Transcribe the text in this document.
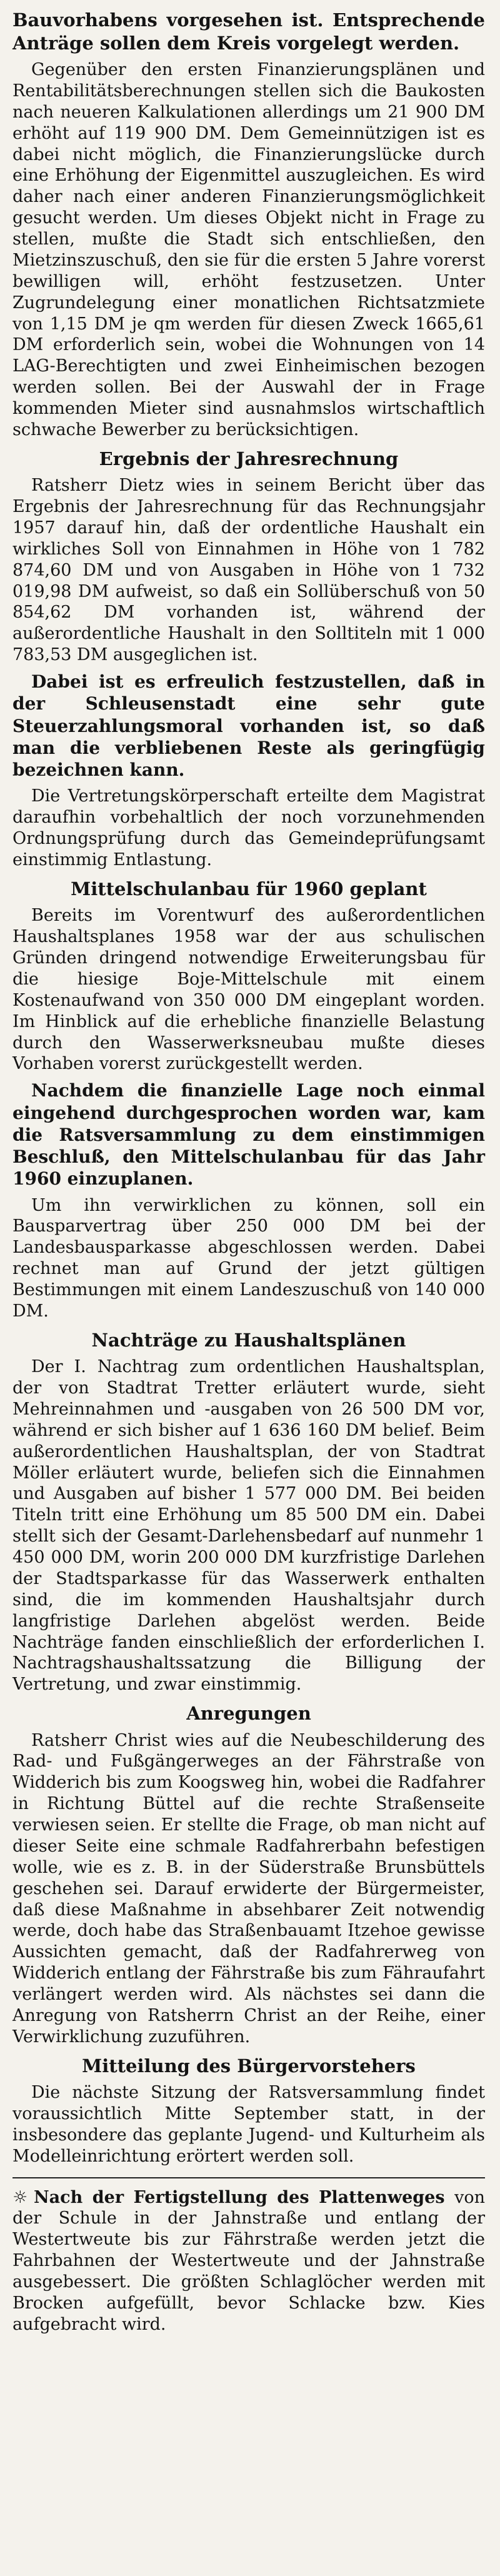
Bauvorhabens vorgesehen ist. Entsprechende Anträge sollen dem Kreis vorgelegt werden.

Gegenüber den ersten Finanzierungsplänen und Rentabilitätsberechnungen stellen sich die Baukosten nach neueren Kalkulationen allerdings um 21 900 DM erhöht auf 119 900 DM. Dem Gemeinnützigen ist es dabei nicht möglich, die Finanzierungslücke durch eine Erhöhung der Eigenmittel auszugleichen. Es wird daher nach einer anderen Finanzierungsmöglichkeit gesucht werden. Um dieses Objekt nicht in Frage zu stellen, mußte die Stadt sich entschließen, den Mietzinszuschuß, den sie für die ersten 5 Jahre vorerst bewilligen will, erhöht festzusetzen. Unter Zugrundelegung einer monatlichen Richtsatzmiete von 1,15 DM je qm werden für diesen Zweck 1665,61 DM erforderlich sein, wobei die Wohnungen von 14 LAG-Berechtigten und zwei Einheimischen bezogen werden sollen. Bei der Auswahl der in Frage kommenden Mieter sind ausnahmslos wirtschaftlich schwache Bewerber zu berücksichtigen.

Ergebnis der Jahresrechnung

Ratsherr Dietz wies in seinem Bericht über das Ergebnis der Jahresrechnung für das Rechnungsjahr 1957 darauf hin, daß der ordentliche Haushalt ein wirkliches Soll von Einnahmen in Höhe von 1 782 874,60 DM und von Ausgaben in Höhe von 1 732 019,98 DM aufweist, so daß ein Sollüberschuß von 50 854,62 DM vorhanden ist, während der außerordentliche Haushalt in den Solltiteln mit 1 000 783,53 DM ausgeglichen ist.

Dabei ist es erfreulich festzustellen, daß in der Schleusenstadt eine sehr gute Steuerzahlungsmoral vorhanden ist, so daß man die verbliebenen Reste als geringfügig bezeichnen kann.

Die Vertretungskörperschaft erteilte dem Magistrat daraufhin vorbehaltlich der noch vorzunehmenden Ordnungsprüfung durch das Gemeindeprüfungsamt einstimmig Entlastung.

Mittelschulanbau für 1960 geplant

Bereits im Vorentwurf des außerordentlichen Haushaltsplanes 1958 war der aus schulischen Gründen dringend notwendige Erweiterungsbau für die hiesige Boje-Mittelschule mit einem Kostenaufwand von 350 000 DM eingeplant worden. Im Hinblick auf die erhebliche finanzielle Belastung durch den Wasserwerksneubau mußte dieses Vorhaben vorerst zurückgestellt werden.

Nachdem die finanzielle Lage noch einmal eingehend durchgesprochen worden war, kam die Ratsversammlung zu dem einstimmigen Beschluß, den Mittelschulanbau für das Jahr 1960 einzuplanen.

Um ihn verwirklichen zu können, soll ein Bausparvertrag über 250 000 DM bei der Landesbausparkasse abgeschlossen werden. Dabei rechnet man auf Grund der jetzt gültigen Bestimmungen mit einem Landeszuschuß von 140 000 DM.

Nachträge zu Haushaltsplänen

Der I. Nachtrag zum ordentlichen Haushaltsplan, der von Stadtrat Tretter erläutert wurde, sieht Mehreinnahmen und -ausgaben von 26 500 DM vor, während er sich bisher auf 1 636 160 DM belief. Beim außerordentlichen Haushaltsplan, der von Stadtrat Möller erläutert wurde, beliefen sich die Einnahmen und Ausgaben auf bisher 1 577 000 DM. Bei beiden Titeln tritt eine Erhöhung um 85 500 DM ein. Dabei stellt sich der Gesamt-Darlehensbedarf auf nunmehr 1 450 000 DM, worin 200 000 DM kurzfristige Darlehen der Stadtsparkasse für das Wasserwerk enthalten sind, die im kommenden Haushaltsjahr durch langfristige Darlehen abgelöst werden. Beide Nachträge fanden einschließlich der erforderlichen I. Nachtragshaushaltssatzung die Billigung der Vertretung, und zwar einstimmig.

Anregungen

Ratsherr Christ wies auf die Neubeschilderung des Rad- und Fußgängerweges an der Fährstraße von Widderich bis zum Koogsweg hin, wobei die Radfahrer in Richtung Büttel auf die rechte Straßenseite verwiesen seien. Er stellte die Frage, ob man nicht auf dieser Seite eine schmale Radfahrerbahn befestigen wolle, wie es z. B. in der Süderstraße Brunsbüttels geschehen sei. Darauf erwiderte der Bürgermeister, daß diese Maßnahme in absehbarer Zeit notwendig werde, doch habe das Straßenbauamt Itzehoe gewisse Aussichten gemacht, daß der Radfahrerweg von Widderich entlang der Fährstraße bis zum Fähraufahrt verlängert werden wird. Als nächstes sei dann die Anregung von Ratsherrn Christ an der Reihe, einer Verwirklichung zuzuführen.

Mitteilung des Bürgervorstehers

Die nächste Sitzung der Ratsversammlung findet voraussichtlich Mitte September statt, in der insbesondere das geplante Jugend- und Kulturheim als Modelleinrichtung erörtert werden soll.

☼ Nach der Fertigstellung des Plattenweges von der Schule in der Jahnstraße und entlang der Westertweute bis zur Fährstraße werden jetzt die Fahrbahnen der Westertweute und der Jahnstraße ausgebessert. Die größten Schlaglöcher werden mit Brocken aufgefüllt, bevor Schlacke bzw. Kies aufgebracht wird.
